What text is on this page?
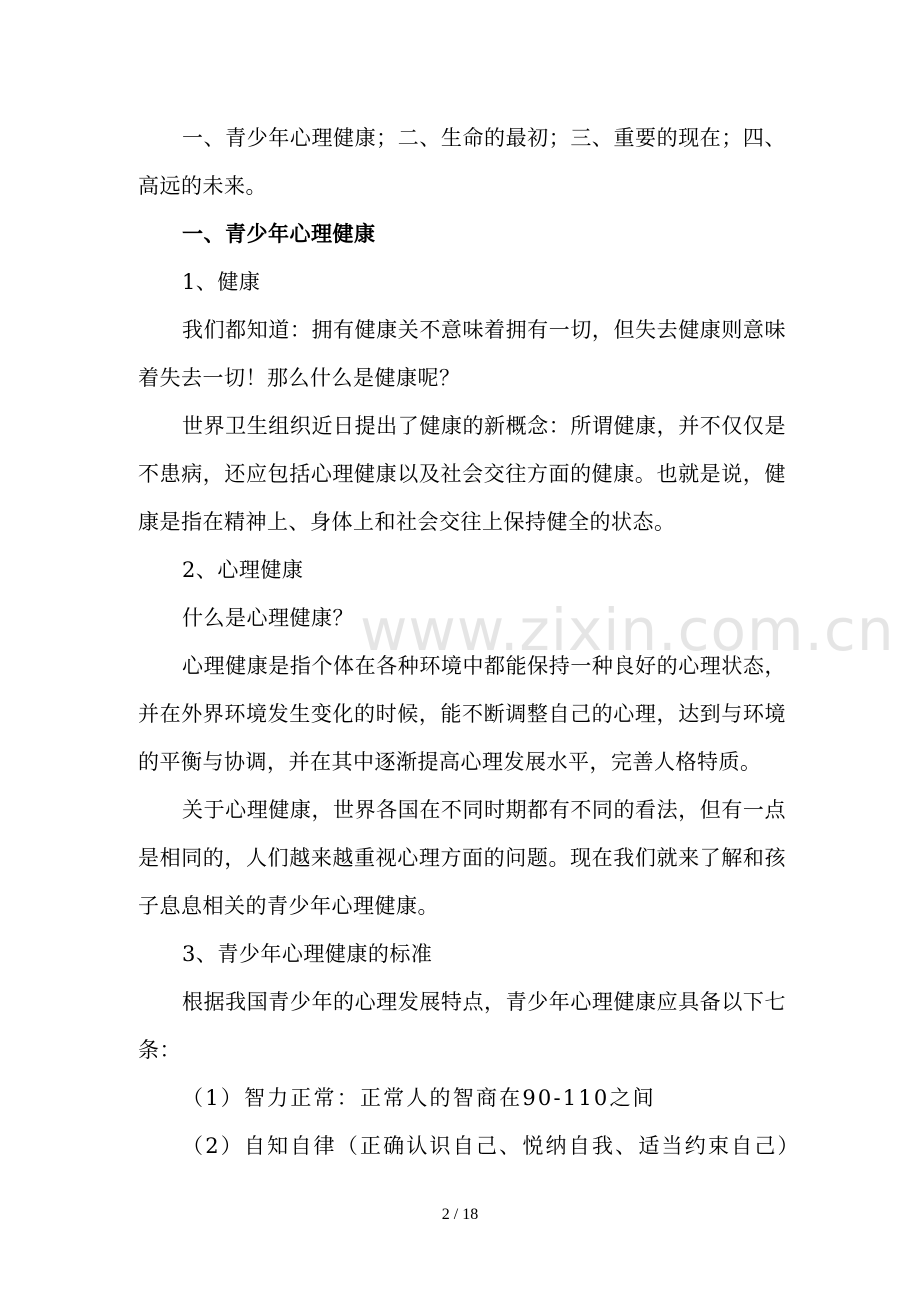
一、青少年心理健康；二、生命的最初；三、重要的现在；四、高远的未来。

一、青少年心理健康

1、健康

我们都知道：拥有健康关不意味着拥有一切，但失去健康则意味着失去一切！那么什么是健康呢？

世界卫生组织近日提出了健康的新概念：所谓健康，并不仅仅是不患病，还应包括心理健康以及社会交往方面的健康。也就是说，健康是指在精神上、身体上和社会交往上保持健全的状态。

2、心理健康

什么是心理健康？

心理健康是指个体在各种环境中都能保持一种良好的心理状态，并在外界环境发生变化的时候，能不断调整自己的心理，达到与环境的平衡与协调，并在其中逐渐提高心理发展水平，完善人格特质。

关于心理健康，世界各国在不同时期都有不同的看法，但有一点是相同的，人们越来越重视心理方面的问题。现在我们就来了解和孩子息息相关的青少年心理健康。

3、青少年心理健康的标准

根据我国青少年的心理发展特点，青少年心理健康应具备以下七条：

（1）智力正常：正常人的智商在90-110之间

（2）自知自律（正确认识自己、悦纳自我、适当约束自己）

www.zixin.com.cn
2 / 18
